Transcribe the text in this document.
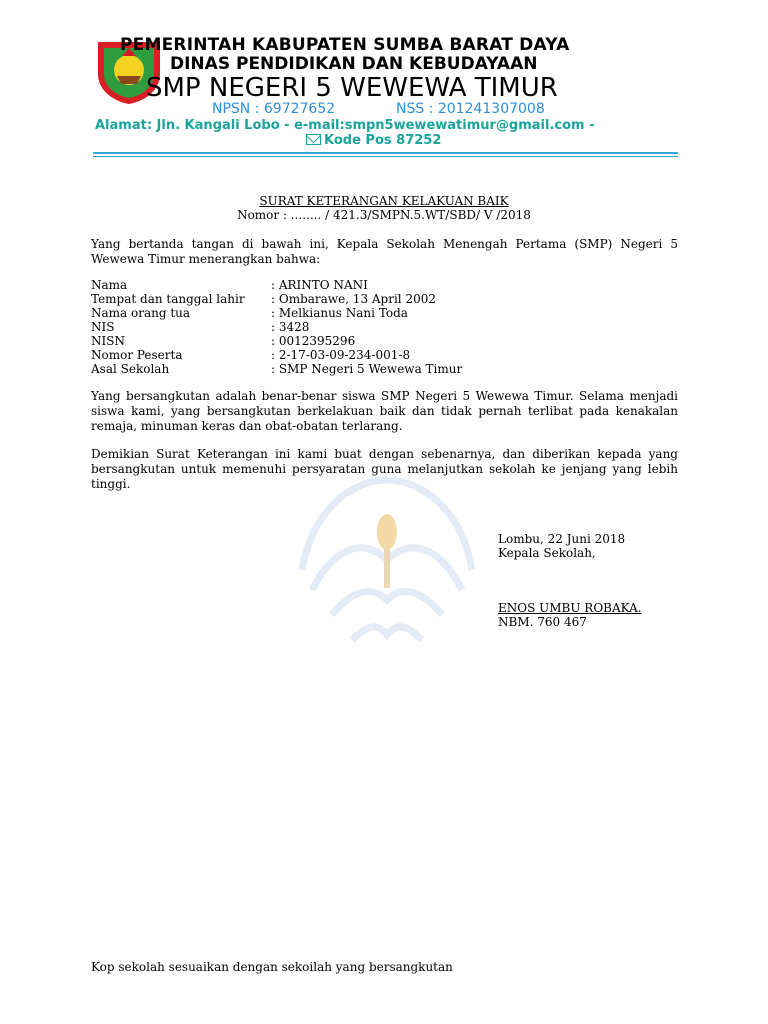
PEMERINTAH KABUPATEN SUMBA BARAT DAYA
DINAS PENDIDIKAN DAN KEBUDAYAAN
SMP NEGERI 5 WEWEWA TIMUR
NPSN : 69727652	NSS : 201241307008
Alamat: Jln. Kangali Lobo - e-mail:smpn5wewewatimur@gmail.com -
Kode Pos 87252
SURAT KETERANGAN KELAKUAN BAIK
Nomor : ........ / 421.3/SMPN.5.WT/SBD/ V /2018
Yang bertanda tangan di bawah ini, Kepala Sekolah Menengah Pertama (SMP) Negeri 5 Wewewa Timur menerangkan bahwa:
Nama	: ARINTO NANI
Tempat dan tanggal lahir : Ombarawe, 13 April 2002
Nama orang tua	: Melkianus Nani Toda
NIS	: 3428
NISN	: 0012395296
Nomor Peserta	: 2-17-03-09-234-001-8
Asal Sekolah	: SMP Negeri 5 Wewewa Timur
Yang bersangkutan adalah benar-benar siswa SMP Negeri 5 Wewewa Timur. Selama menjadi siswa kami, yang bersangkutan berkelakuan baik dan tidak pernah terlibat pada kenakalan remaja, minuman keras dan obat-obatan terlarang.
Demikian Surat Keterangan ini kami buat dengan sebenarnya, dan diberikan kepada yang bersangkutan untuk memenuhi persyaratan guna melanjutkan sekolah ke jenjang yang lebih tinggi.
Lombu, 22 Juni 2018
Kepala Sekolah,
ENOS UMBU ROBAKA.
NBM. 760 467
Kop sekolah sesuaikan dengan sekoilah yang bersangkutan
